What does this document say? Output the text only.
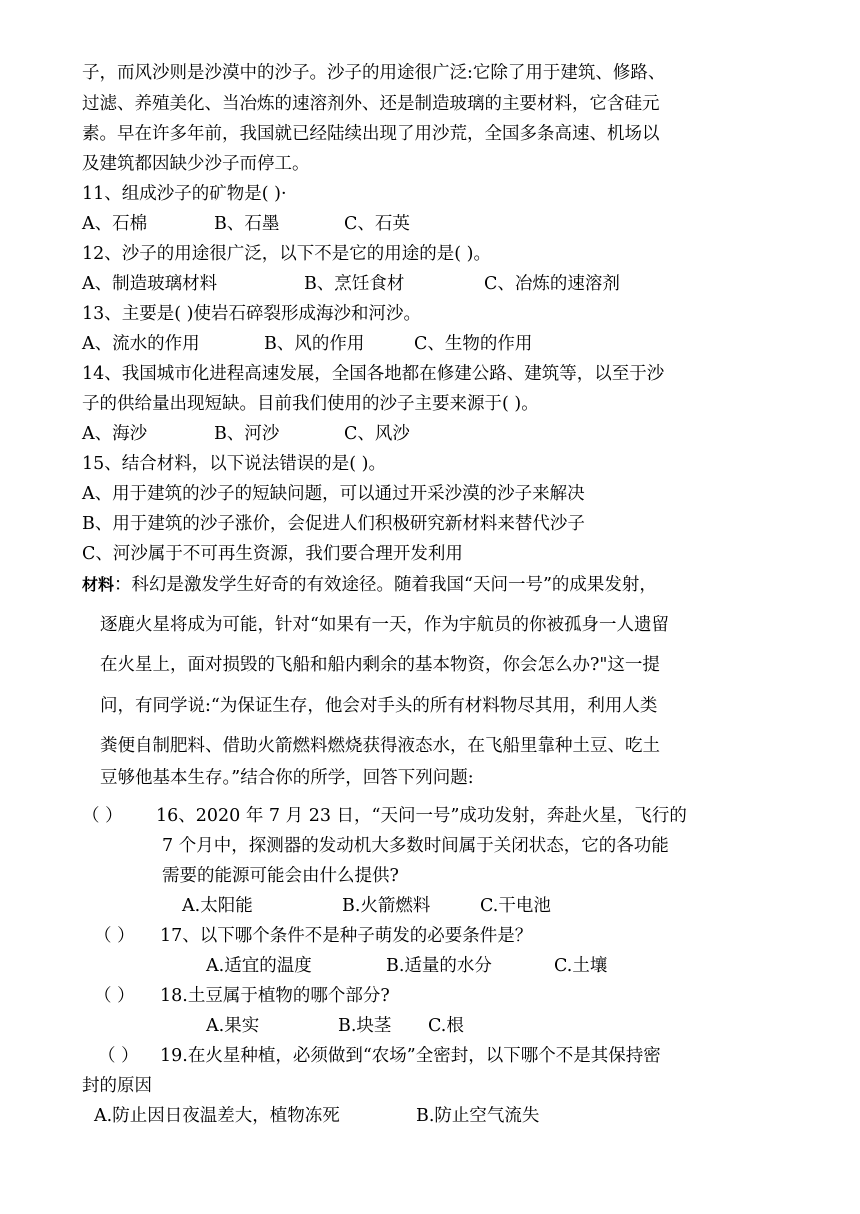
子，而风沙则是沙漠中的沙子。沙子的用途很广泛:它除了用于建筑、修路、
过滤、养殖美化、当冶炼的速溶剂外、还是制造玻璃的主要材料，它含硅元
素。早在许多年前，我国就已经陆续出现了用沙荒，全国多条高速、机场以
及建筑都因缺少沙子而停工。
11、组成沙子的矿物是( )·
A、石棉	B、石墨	C、石英
12、沙子的用途很广泛，以下不是它的用途的是( )。
A、制造玻璃材料	B、烹饪食材	C、冶炼的速溶剂
13、主要是( )使岩石碎裂形成海沙和河沙。
A、流水的作用	B、风的作用	C、生物的作用
14、我国城市化进程高速发展，全国各地都在修建公路、建筑等，以至于沙
子的供给量出现短缺。目前我们使用的沙子主要来源于( )。
A、海沙	B、河沙	C、风沙
15、结合材料，以下说法错误的是( )。
A、用于建筑的沙子的短缺问题，可以通过开采沙漠的沙子来解决
B、用于建筑的沙子涨价，会促进人们积极研究新材料来替代沙子
C、河沙属于不可再生资源，我们要合理开发利用
材料：科幻是激发学生好奇的有效途径。随着我国“天问一号”的成果发射，
逐鹿火星将成为可能，针对“如果有一天，作为宇航员的你被孤身一人遗留
在火星上，面对损毁的飞船和船内剩余的基本物资，你会怎么办?"这一提
问，有同学说:“为保证生存，他会对手头的所有材料物尽其用，利用人类
粪便自制肥料、借助火箭燃料燃烧获得液态水，在飞船里靠种土豆、吃土
豆够他基本生存。”结合你的所学，回答下列问题:
（ ） 16、2020 年 7 月 23 日，“天问一号”成功发射，奔赴火星，飞行的
7 个月中，探测器的发动机大多数时间属于关闭状态，它的各功能
需要的能源可能会由什么提供?
A.太阳能	B.火箭燃料	C.干电池
（ ） 17、以下哪个条件不是种子萌发的必要条件是？
A.适宜的温度	B.适量的水分	C.土壤
（ ） 18.土豆属于植物的哪个部分?
A.果实	B.块茎 C.根
（ ） 19.在火星种植，必须做到“农场”全密封，以下哪个不是其保持密
封的原因
A.防止因日夜温差大，植物冻死	B.防止空气流失
